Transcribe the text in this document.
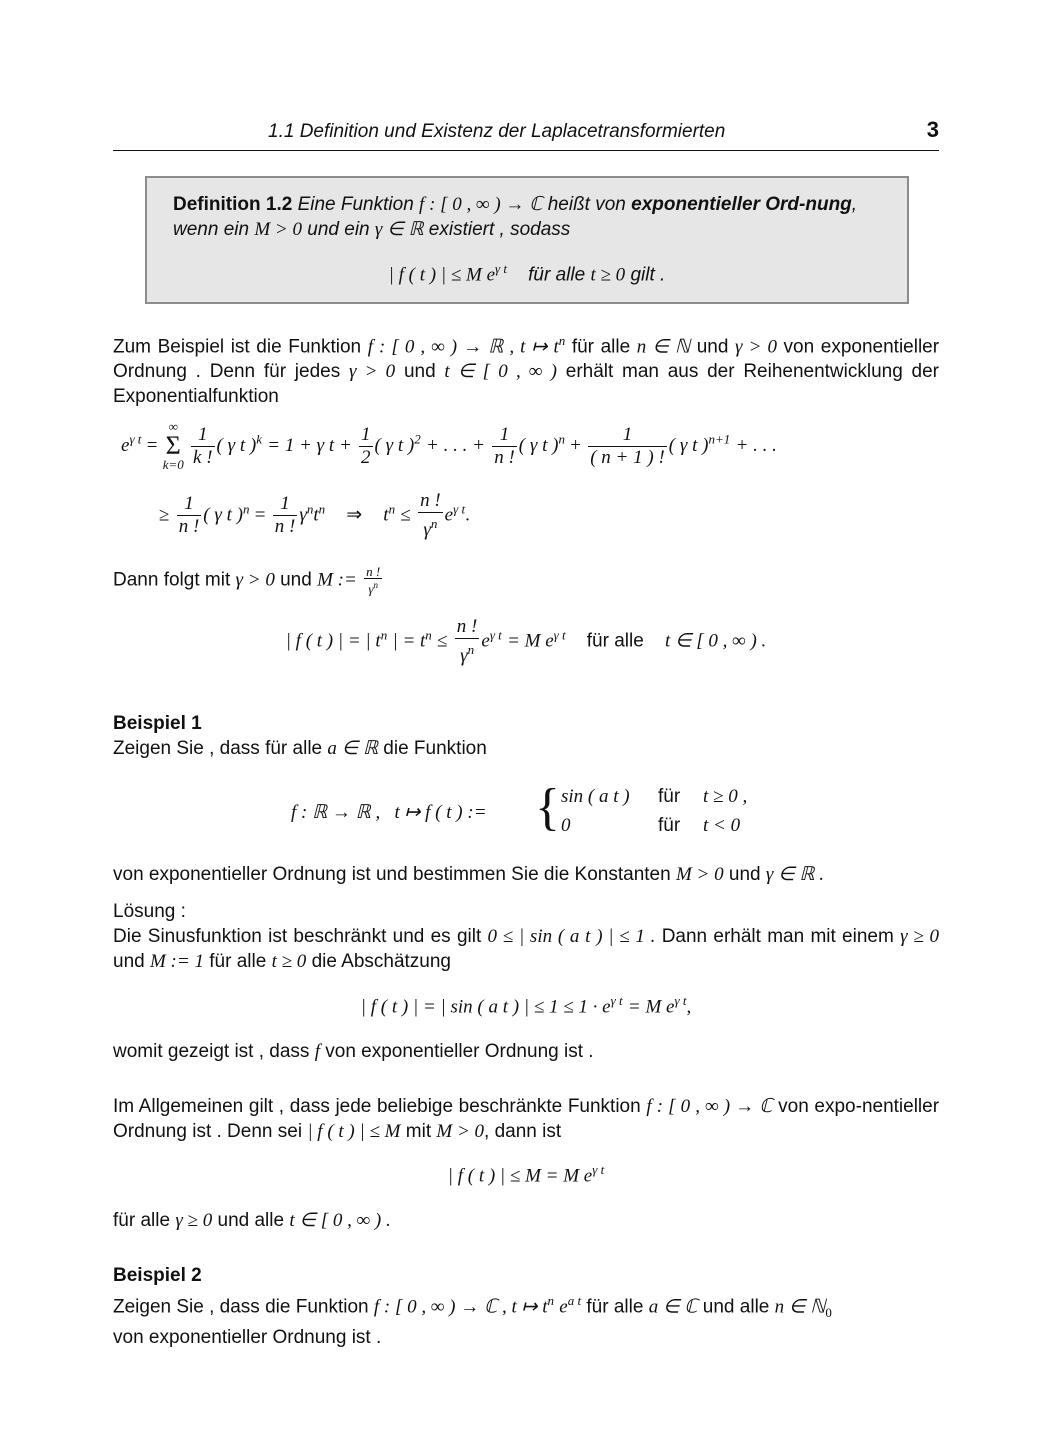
1.1 Definition und Existenz der Laplacetransformierten	3
Definition 1.2 Eine Funktion f : [ 0 , ∞ ) → ℂ heißt von exponentieller Ord-nung, wenn ein M > 0 und ein γ ∈ ℝ existiert , sodass
| f ( t ) | ≤ M $e^{\gamma t}$ für alle t ≥ 0 gilt .
Zum Beispiel ist die Funktion f : [ 0 , ∞ ) → ℝ , t ↦ $t^n$ für alle n ∈ ℕ und γ > 0 von exponentieller Ordnung . Denn für jedes γ > 0 und t ∈ [ 0 , ∞ ) erhält man aus der Reihenentwicklung der Exponentialfunktion
$e^{\gamma t}$ =
∞
Σ
k=0
$\frac{1}{k !}$ ( γ t )$^k$ = 1 + γ $t + \frac{1}{2}$ ( γ t )$^2$ + . . . + $\frac{1}{n !}$ ( γ t )$^n + \frac{1}{( n + 1 ) !}$ ( γ t )$^{n+1}$ + . . .
≥ $\frac{1}{n !}$ ( γ t )$^n = \frac{1}{n !} \gamma^nt^n$ ⇒ $t^n \le \frac{n !}{\gamma^n} e^{\gamma t}$.
Dann folgt mit γ > 0 und M := $\frac{n !}{\gamma^n}$
| f ( t ) | = | $t^n$ | = $t^n \le \frac{n !}{\gamma^n} e^{\gamma t} = M$ $e^{\gamma t}$ für alle t ∈ [ 0 , ∞ ) .
Beispiel 1
Zeigen Sie , dass für alle a ∈ ℝ die Funktion
f : ℝ → ℝ ,   t ↦ f ( t ) := { sin ( a t ) für t ≥ 0 ,
0	für t < 0
von exponentieller Ordnung ist und bestimmen Sie die Konstanten M > 0 und γ ∈ ℝ .
Lösung :
Die Sinusfunktion ist beschränkt und es gilt 0 ≤ | sin ( a t ) | ≤ 1 . Dann erhält man mit einem γ ≥ 0 und M := 1 für alle t ≥ 0 die Abschätzung
| f ( t ) | = | sin ( a t ) | ≤ $1 \le 1 \cdot e^{\gamma t} = M$ $e^{\gamma t}$,
womit gezeigt ist , dass f von exponentieller Ordnung ist .
Im Allgemeinen gilt , dass jede beliebige beschränkte Funktion f : [ 0 , ∞ ) → ℂ von expo-nentieller Ordnung ist . Denn sei | f ( t ) | ≤ M mit M > 0, dann ist
| f ( t ) | ≤ M = M $e^{\gamma t}$
für alle γ ≥ 0 und alle t ∈ [ 0 , ∞ ) .
Beispiel 2
Zeigen Sie , dass die Funktion f : [ 0 , ∞ ) → ℂ , t ↦ $t^n$ $e^{a t}$ für alle a ∈ ℂ und alle n ∈ ℕ$_0$
von exponentieller Ordnung ist .
